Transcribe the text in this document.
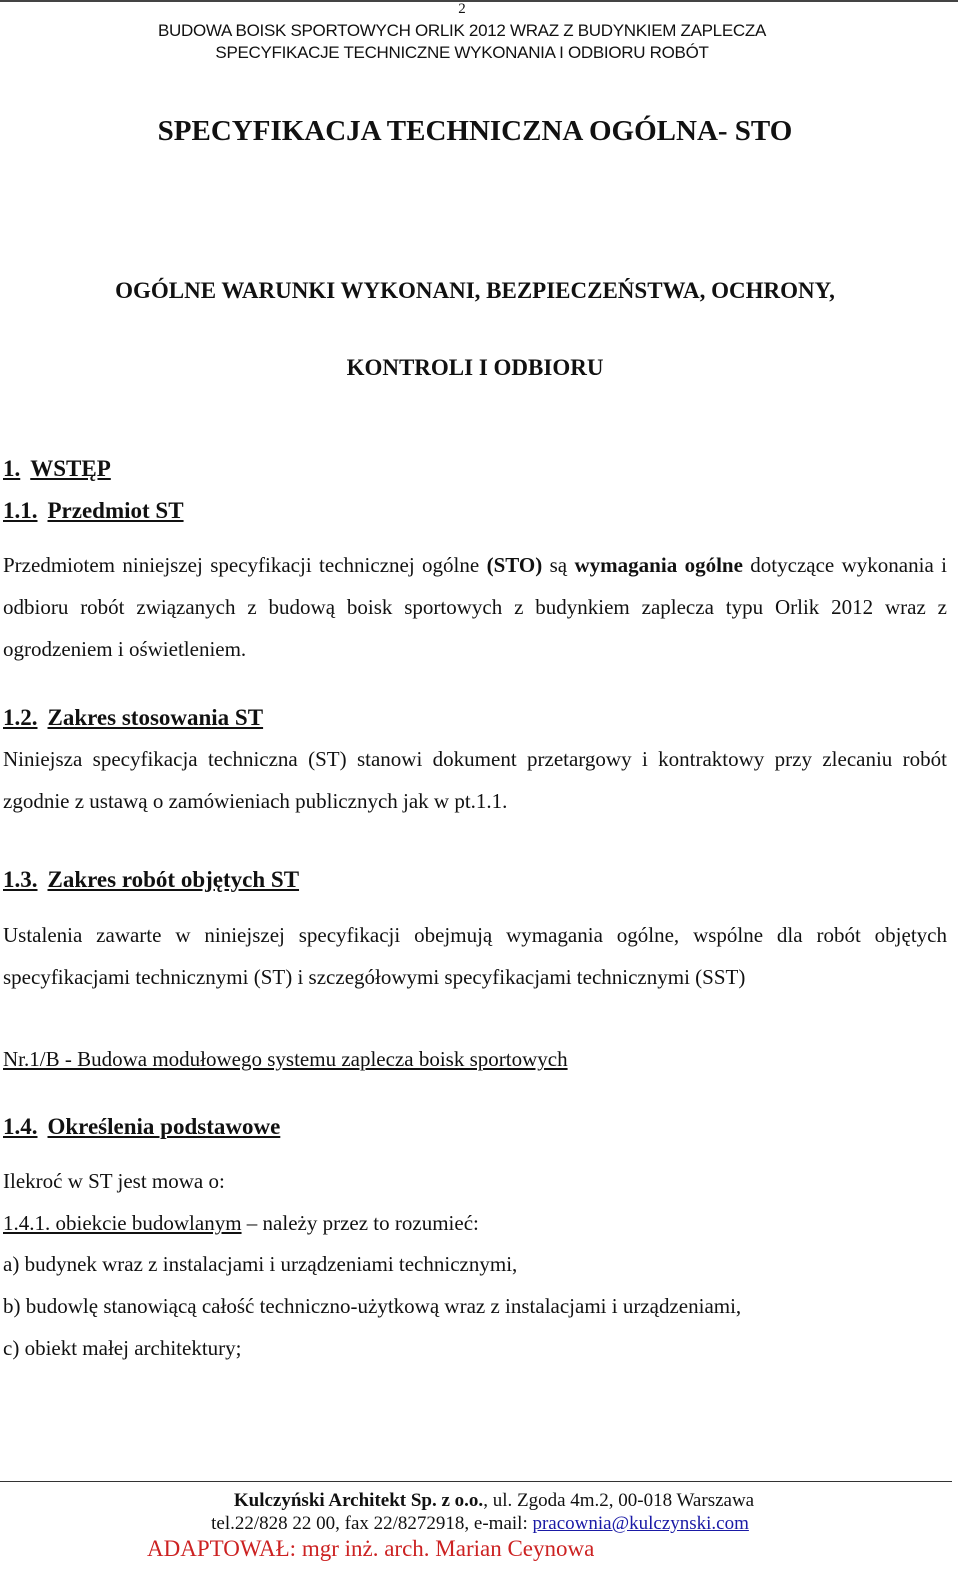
2
BUDOWA BOISK SPORTOWYCH ORLIK 2012 WRAZ Z BUDYNKIEM ZAPLECZA
SPECYFIKACJE TECHNICZNE WYKONANIA I ODBIORU ROBÓT
SPECYFIKACJA TECHNICZNA OGÓLNA- STO
OGÓLNE WARUNKI WYKONANI, BEZPIECZEŃSTWA, OCHRONY,
KONTROLI I ODBIORU
1. WSTĘP
1.1. Przedmiot ST
Przedmiotem niniejszej specyfikacji technicznej ogólne (STO) są wymagania ogólne dotyczące wykonania i odbioru robót związanych z budową boisk sportowych z budynkiem zaplecza typu Orlik 2012 wraz z ogrodzeniem i oświetleniem.
1.2. Zakres stosowania ST
Niniejsza specyfikacja techniczna (ST) stanowi dokument przetargowy i kontraktowy przy zlecaniu robót zgodnie z ustawą o zamówieniach publicznych jak w pt.1.1.
1.3. Zakres robót objętych ST
Ustalenia zawarte w niniejszej specyfikacji obejmują wymagania ogólne, wspólne dla robót objętych specyfikacjami technicznymi (ST) i szczegółowymi specyfikacjami technicznymi (SST)
Nr.1/B - Budowa modułowego systemu zaplecza boisk sportowych
1.4. Określenia podstawowe
Ilekroć w ST jest mowa o:
1.4.1. obiekcie budowlanym – należy przez to rozumieć:
a) budynek wraz z instalacjami i urządzeniami technicznymi,
b) budowlę stanowiącą całość techniczno-użytkową wraz z instalacjami i urządzeniami,
c) obiekt małej architektury;
Kulczyński Architekt Sp. z o.o., ul. Zgoda 4m.2, 00-018 Warszawa
tel.22/828 22 00, fax 22/8272918, e-mail: pracownia@kulczynski.com
ADAPTOWAŁ: mgr inż. arch. Marian Ceynowa
